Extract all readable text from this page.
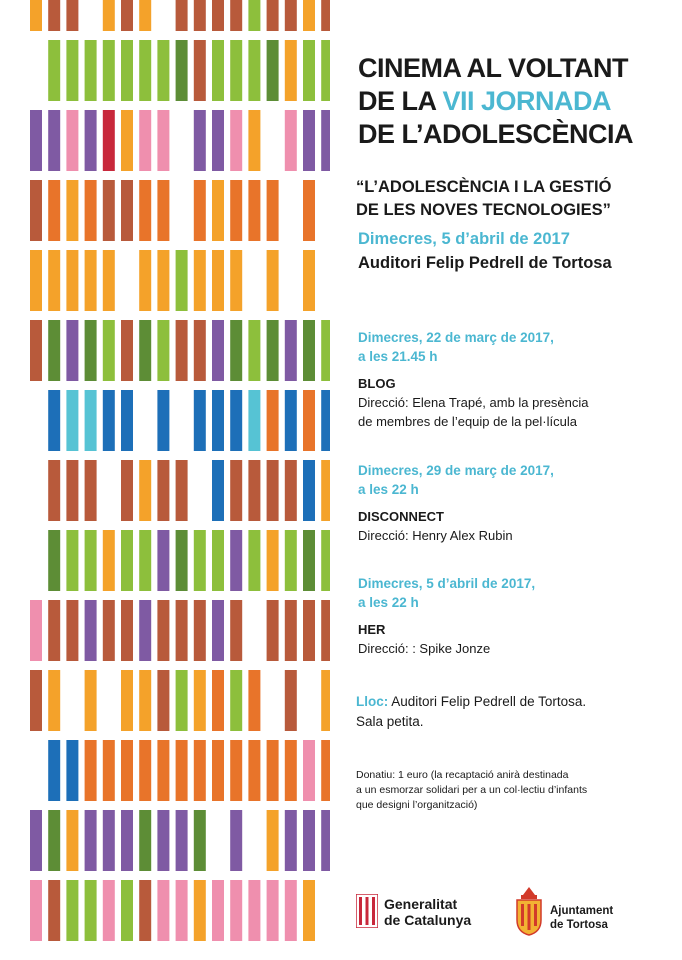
CINEMA AL VOLTANT
DE LA VII JORNADA
DE L’ADOLESCÈNCIA
“L’ADOLESCÈNCIA I LA GESTIÓ
DE LES NOVES TECNOLOGIES”

Dimecres, 5 d’abril de 2017

Auditori Felip Pedrell de Tortosa

Dimecres, 22 de març de 2017,
a les 21.45 h
BLOG
Direcció: Elena Trapé, amb la presència
de membres de l’equip de la pel·lícula
Dimecres, 29 de març de 2017,
a les 22 h
DISCONNECT
Direcció: Henry Alex Rubin
Dimecres, 5 d’abril de 2017,
a les 22 h
HER
Direcció: : Spike Jonze
Lloc: Auditori Felip Pedrell de Tortosa.
Sala petita.
Donatiu: 1 euro (la recaptació anirà destinada
a un esmorzar solidari per a un col·lectiu d’infants
que designi l’organització)
Generalitat
de Catalunya
Ajuntament
de Tortosa
